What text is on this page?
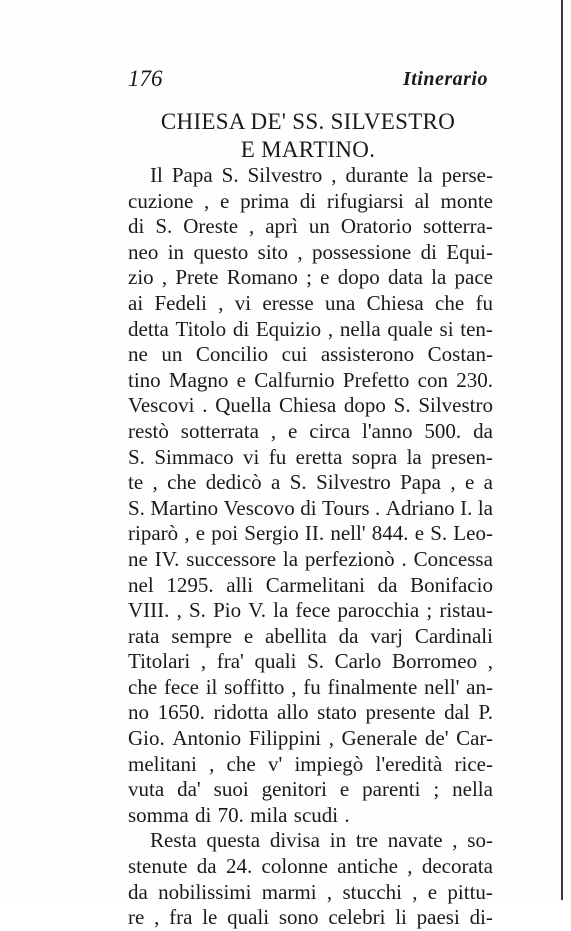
176	Itinerario
CHIESA DE' SS. SILVESTRO
E MARTINO.
Il Papa S. Silvestro , durante la perse-
cuzione , e prima di rifugiarsi al monte
di S. Oreste , aprì un Oratorio sotterra-
neo in questo sito , possessione di Equi-
zio , Prete Romano ; e dopo data la pace
ai Fedeli , vi eresse una Chiesa che fu
detta Titolo di Equizio , nella quale si ten-
ne un Concilio cui assisterono Costan-
tino Magno e Calfurnio Prefetto con 230.
Vescovi . Quella Chiesa dopo S. Silvestro
restò sotterrata , e circa l'anno 500. da
S. Simmaco vi fu eretta sopra la presen-
te , che dedicò a S. Silvestro Papa , e a
S. Martino Vescovo di Tours . Adriano I. la
riparò , e poi Sergio II. nell' 844. e S. Leo-
ne IV. successore la perfezionò . Concessa
nel 1295. alli Carmelitani da Bonifacio
VIII. , S. Pio V. la fece parocchia ; ristau-
rata sempre e abellita da varj Cardinali
Titolari , fra' quali S. Carlo Borromeo ,
che fece il soffitto , fu finalmente nell' an-
no 1650. ridotta allo stato presente dal P.
Gio. Antonio Filippini , Generale de' Car-
melitani , che v' impiegò l'eredità rice-
vuta da' suoi genitori e parenti ; nella
somma di 70. mila scudi .
Resta questa divisa in tre navate , so-
stenute da 24. colonne antiche , decorata
da nobilissimi marmi , stucchi , e pittu-
re , fra le quali sono celebri li paesi di-
